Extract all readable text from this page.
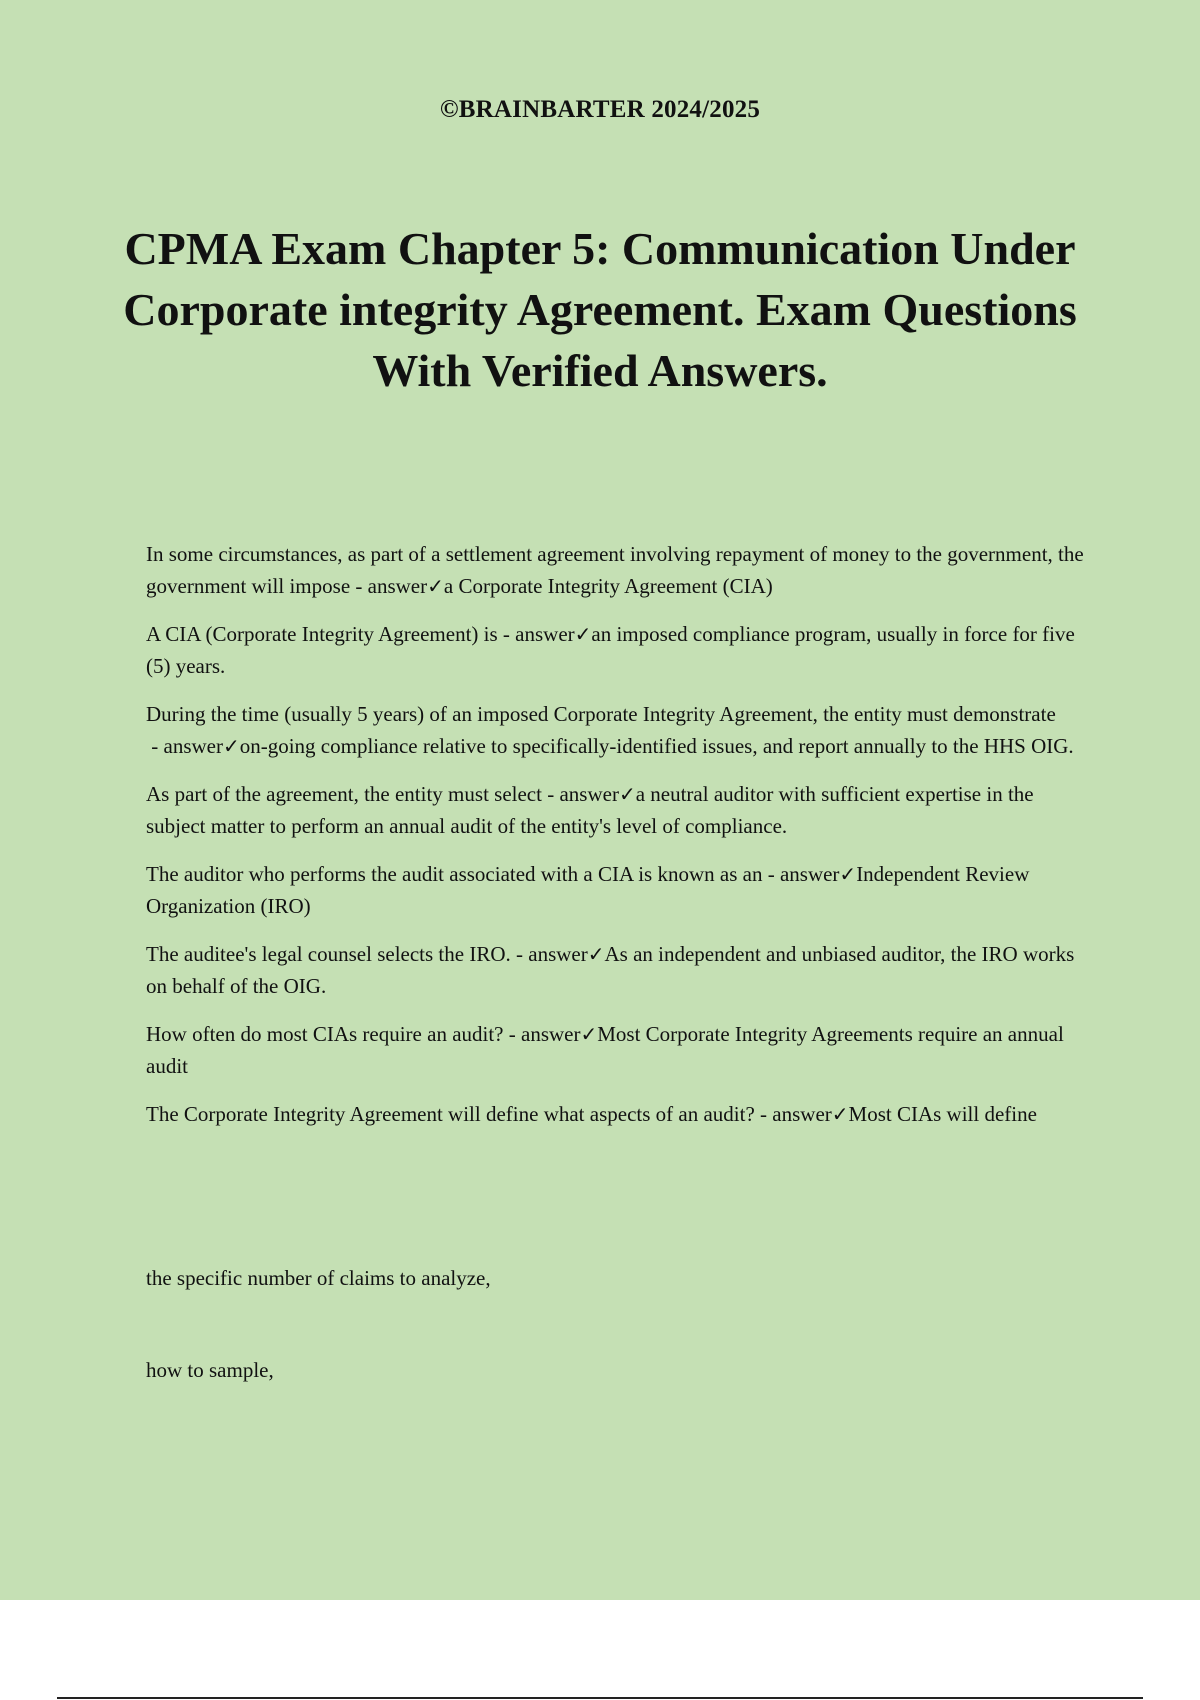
©BRAINBARTER 2024/2025
CPMA Exam Chapter 5: Communication Under Corporate integrity Agreement. Exam Questions With Verified Answers.
In some circumstances, as part of a settlement agreement involving repayment of money to the government, the government will impose - answer✓a Corporate Integrity Agreement (CIA)
A CIA (Corporate Integrity Agreement) is - answer✓an imposed compliance program, usually in force for five (5) years.
During the time (usually 5 years) of an imposed Corporate Integrity Agreement, the entity must demonstrate - answer✓on-going compliance relative to specifically-identified issues, and report annually to the HHS OIG.
As part of the agreement, the entity must select - answer✓a neutral auditor with sufficient expertise in the subject matter to perform an annual audit of the entity's level of compliance.
The auditor who performs the audit associated with a CIA is known as an - answer✓Independent Review Organization (IRO)
The auditee's legal counsel selects the IRO. - answer✓As an independent and unbiased auditor, the IRO works on behalf of the OIG.
How often do most CIAs require an audit? - answer✓Most Corporate Integrity Agreements require an annual audit
The Corporate Integrity Agreement will define what aspects of an audit? - answer✓Most CIAs will define
the specific number of claims to analyze,
how to sample,
